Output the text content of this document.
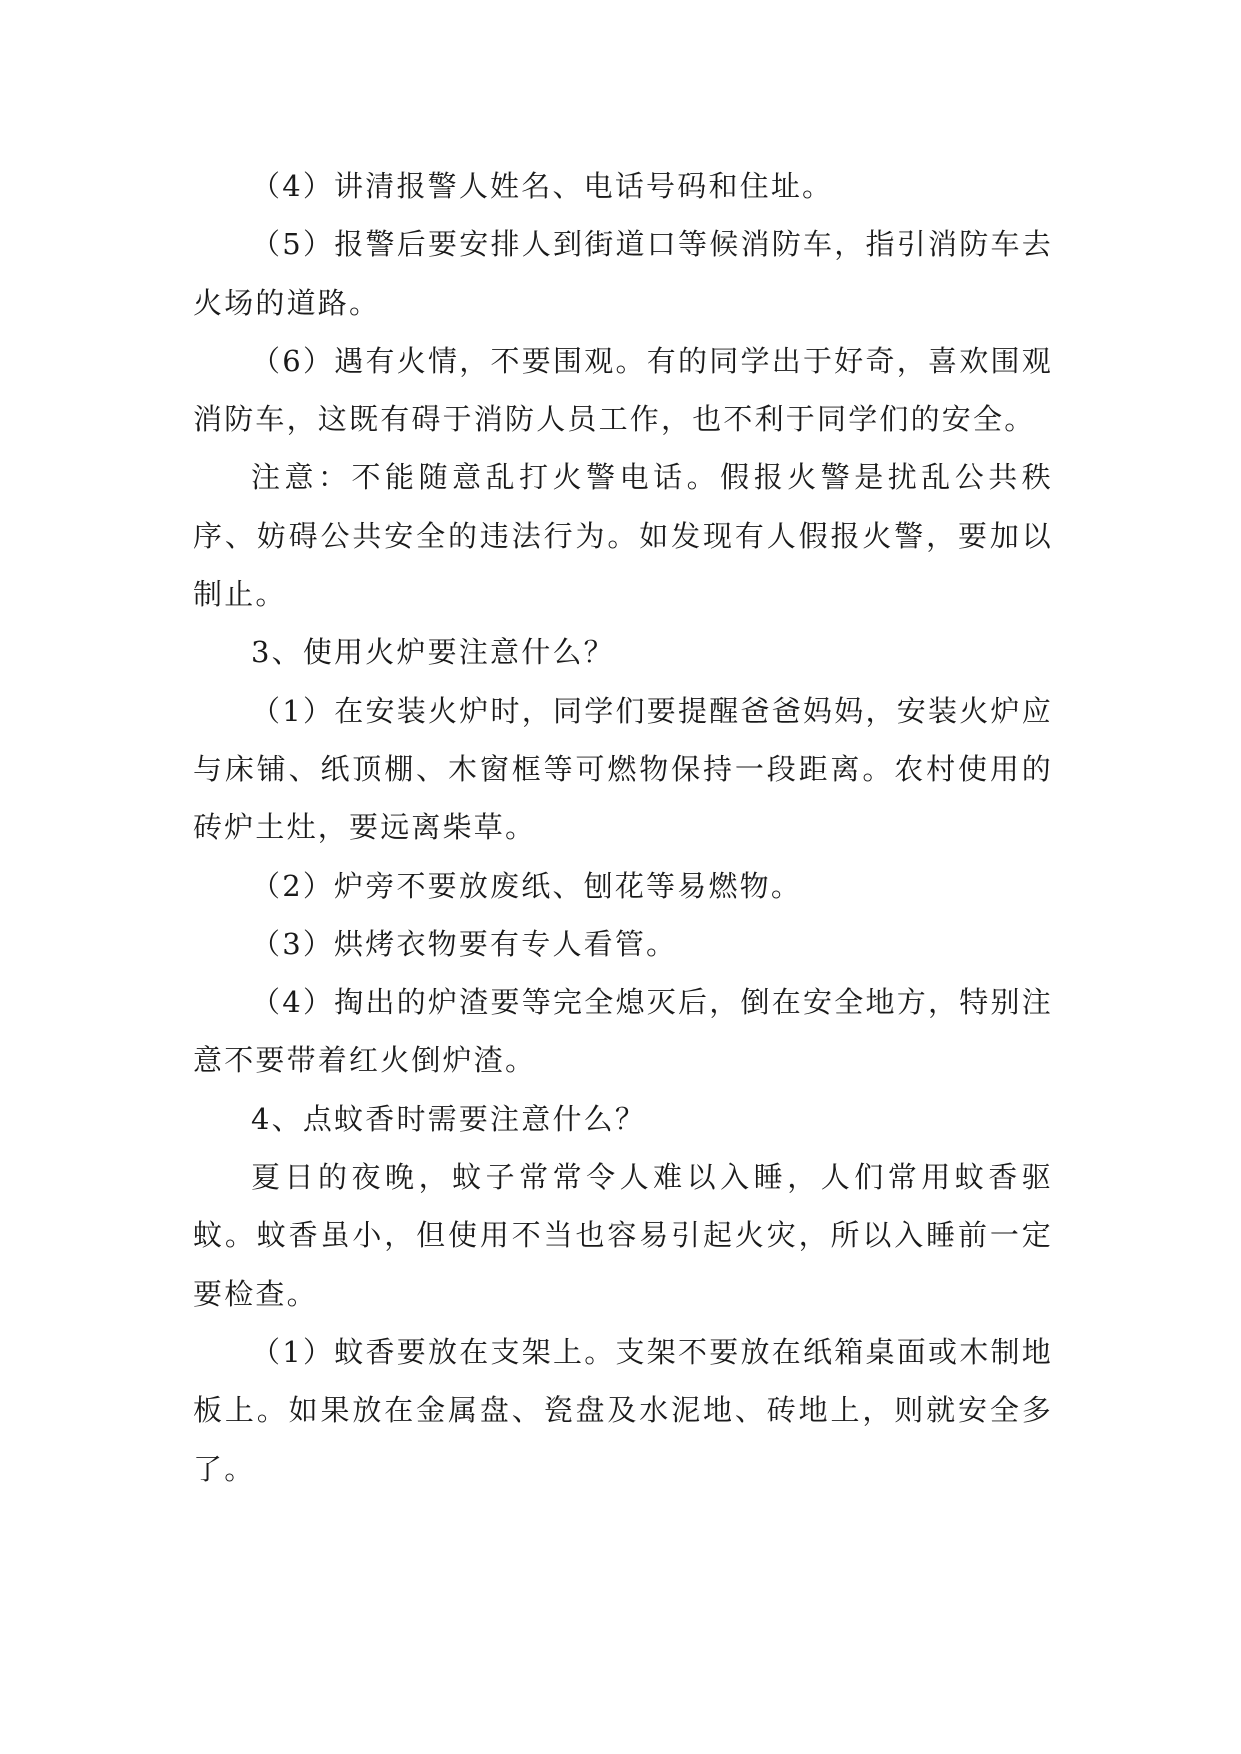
（4）讲清报警人姓名、电话号码和住址。

（5）报警后要安排人到街道口等候消防车，指引消防车去火场的道路。

（6）遇有火情，不要围观。有的同学出于好奇，喜欢围观消防车，这既有碍于消防人员工作，也不利于同学们的安全。

注意：不能随意乱打火警电话。假报火警是扰乱公共秩序、妨碍公共安全的违法行为。如发现有人假报火警，要加以制止。

3、使用火炉要注意什么？

（1）在安装火炉时，同学们要提醒爸爸妈妈，安装火炉应与床铺、纸顶棚、木窗框等可燃物保持一段距离。农村使用的砖炉土灶，要远离柴草。

（2）炉旁不要放废纸、刨花等易燃物。

（3）烘烤衣物要有专人看管。

（4）掏出的炉渣要等完全熄灭后，倒在安全地方，特别注意不要带着红火倒炉渣。

4、点蚊香时需要注意什么？

夏日的夜晚，蚊子常常令人难以入睡，人们常用蚊香驱蚊。蚊香虽小，但使用不当也容易引起火灾，所以入睡前一定要检查。

（1）蚊香要放在支架上。支架不要放在纸箱桌面或木制地板上。如果放在金属盘、瓷盘及水泥地、砖地上，则就安全多了。
